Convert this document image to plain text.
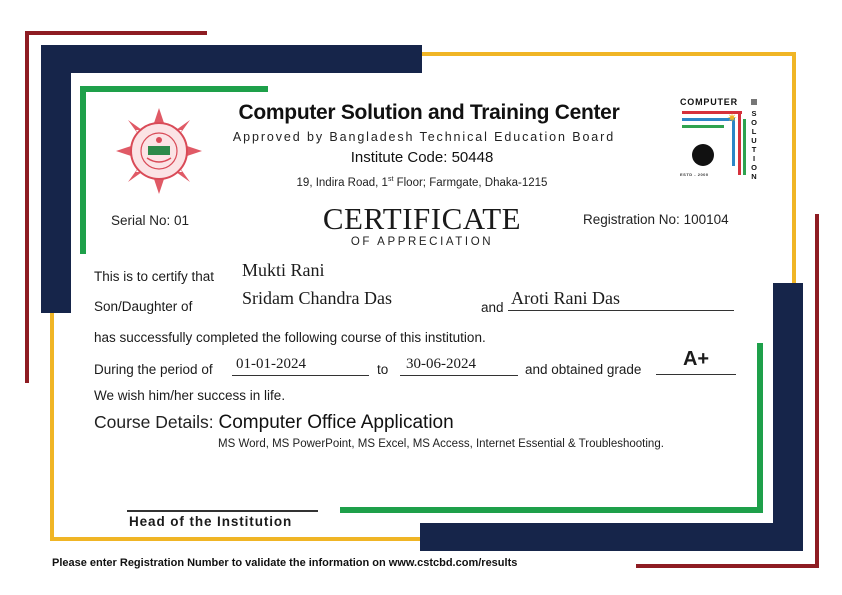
Computer Solution and Training Center
Approved by Bangladesh Technical Education Board
Institute Code: 50448
19, Indira Road, 1st Floor; Farmgate, Dhaka-1215
COMPUTER
S
O
L
U
T
I
O
N
✷
ESTD - 2000
Serial No: 01	Registration No: 100104
CERTIFICATE
OF APPRECIATION
This is to certify that Mukti Rani
Son/Daughter of	Sridam Chandra Das	and Aroti Rani Das
has successfully completed the following course of this institution.
During the period of 01-01-2024	to	30-06-2024	and obtained grade	A+
We wish him/her success in life.
Course Details: Computer Office Application
MS Word, MS PowerPoint, MS Excel, MS Access, Internet Essential & Troubleshooting.
Head of the Institution
Please enter Registration Number to validate the information on www.cstcbd.com/results
